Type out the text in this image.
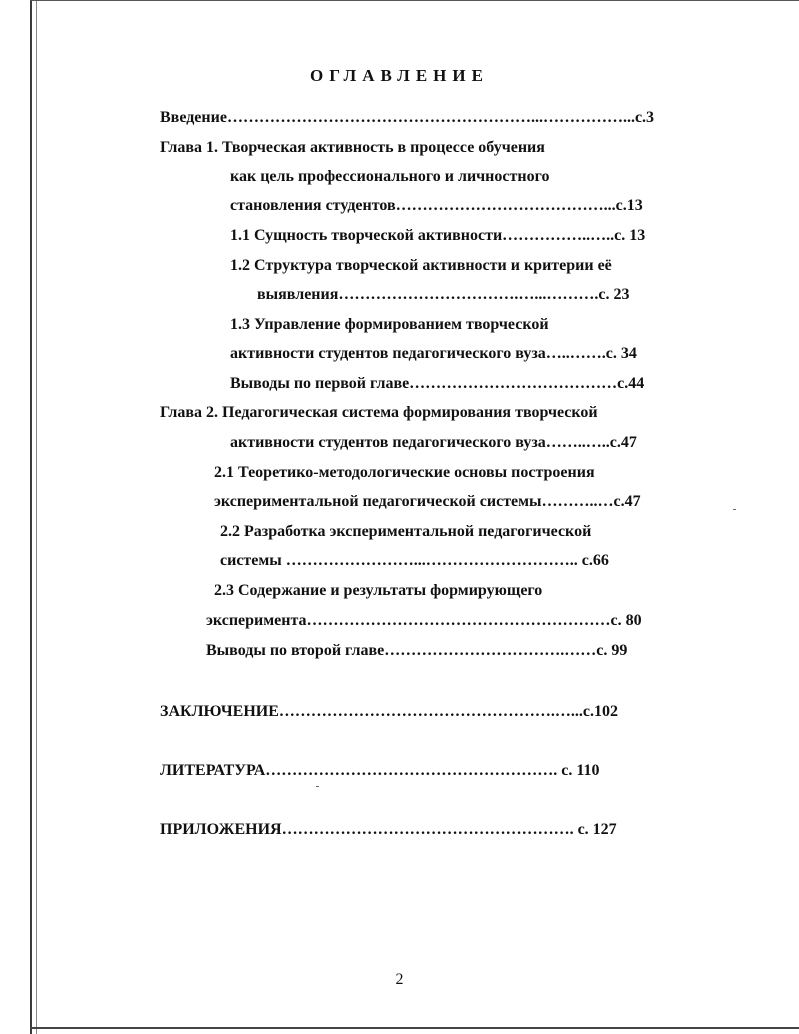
ОГЛАВЛЕНИЕ
Введение…………………………………………………...……………...с.3
Глава 1. Творческая активность в процессе обучения
как цель профессионального и личностного
становления студентов…………………………………...с.13
1.1 Сущность творческой активности……………..…..с. 13
1.2 Структура творческой активности и критерии её
выявления…………………………….…...……….с. 23
1.3 Управление формированием творческой
активности студентов педагогического вуза…..…….с. 34
Выводы по первой главе…………………………………с.44
Глава 2. Педагогическая система формирования творческой
активности студентов педагогического вуза……..…..с.47
2.1 Теоретико-методологические основы построения
экспериментальной педагогической системы………..…с.47
2.2 Разработка экспериментальной педагогической
системы ……………………...……………………….. с.66
2.3 Содержание и результаты формирующего
эксперимента…………………………………………………с. 80
Выводы по второй главе…………………………….……с. 99
ЗАКЛЮЧЕНИЕ…………………………………………….…...с.102
ЛИТЕРАТУРА………………………………………………. с. 110
ПРИЛОЖЕНИЯ………………………………………………. с. 127
2
